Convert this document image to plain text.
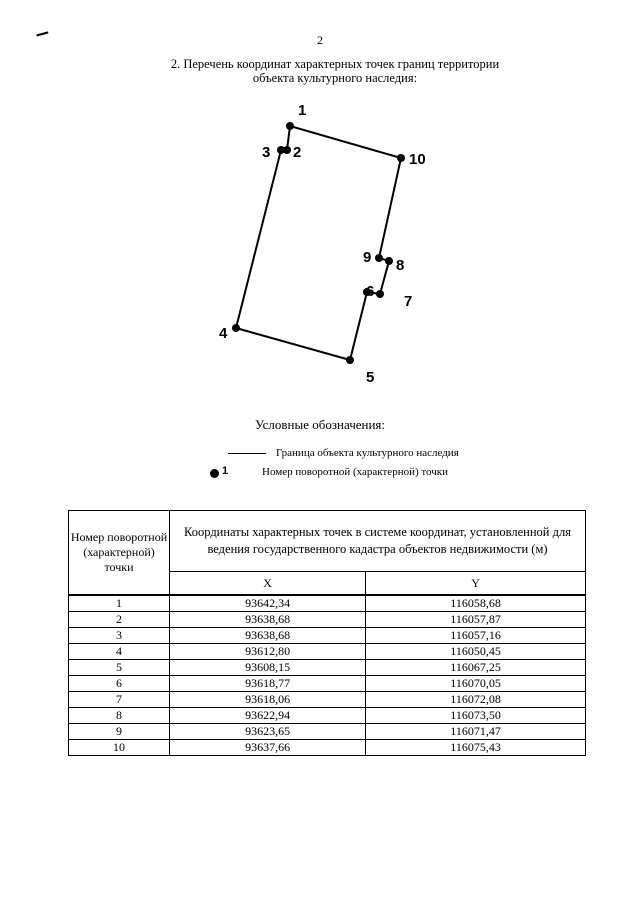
2
2. Перечень координат характерных точек границ территории
объекта культурного наследия:
1
2
3
4
5
6
7
8
9
10
Условные обозначения:
Граница объекта культурного наследия
1	Номер поворотной (характерной) точки
Номер поворотной (характерной) точки	Координаты характерных точек в системе координат, установленной для ведения государственного кадастра объектов недвижимости (м)	
	X	Y
1	93642,34	116058,68
2	93638,68	116057,87
3	93638,68	116057,16
4	93612,80	116050,45
5	93608,15	116067,25
6	93618,77	116070,05
7	93618,06	116072,08
8	93622,94	116073,50
9	93623,65	116071,47
10	93637,66	116075,43
